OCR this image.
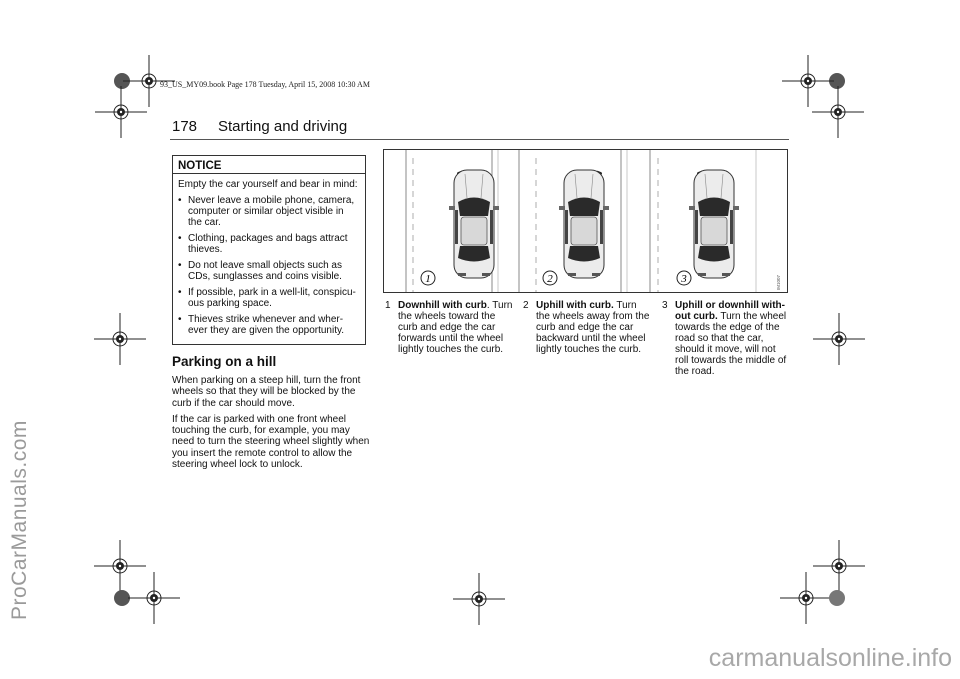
93_US_MY09.book Page 178 Tuesday, April 15, 2008 10:30 AM
ProCarManuals.com
carmanualsonline.info
178 Starting and driving
NOTICE

Empty the car yourself and bear in mind:

• Never leave a mobile phone, camera, computer or similar object visible in the car.
• Clothing, packages and bags attract thieves.
• Do not leave small objects such as CDs, sunglasses and coins visible.
• If possible, park in a well-lit, conspicu-ous parking space.
• Thieves strike whenever and wher-ever they are given the opportunity.
Parking on a hill

When parking on a steep hill, turn the front wheels so that they will be blocked by the curb if the car should move.

If the car is parked with one front wheel touching the curb, for example, you may need to turn the steering wheel slightly when you insert the remote control to allow the steering wheel lock to unlock.

1	2	3	IM1007
1 Downhill with curb. Turn the wheels toward the curb and edge the car forwards until the wheel lightly touches the curb.
2 Uphill with curb. Turn the wheels away from the curb and edge the car backward until the wheel lightly touches the curb.
3 Uphill or downhill with-out curb. Turn the wheel towards the edge of the road so that the car, should it move, will not roll towards the middle of the road.
